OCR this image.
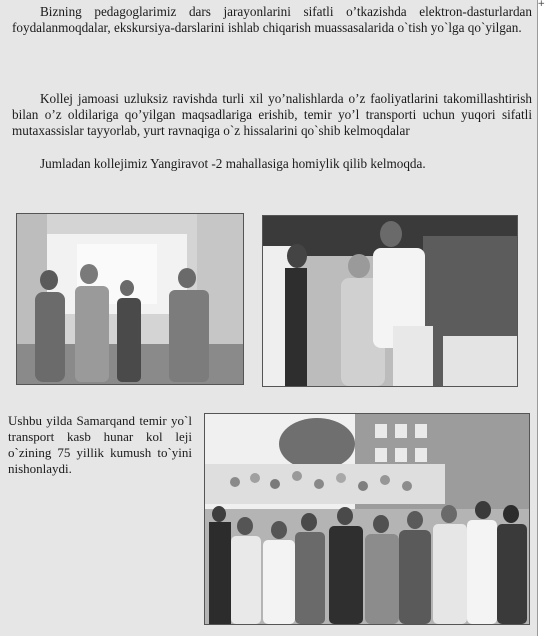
Bizning pedagoglarimiz dars jarayonlarini sifatli o’tkazishda elektron-dasturlardan foydalanmoqdalar, ekskursiya-darslarini ishlab chiqarish muassasalarida o`tish yo`lga qo`yilgan.

Kollej jamoasi uzluksiz ravishda turli xil yo’nalishlarda o’z faoliyatlarini takomillashtirish bilan o’z oldilariga qo’yilgan maqsadlariga erishib, temir yo’l transporti uchun yuqori sifatli mutaxassislar tayyorlab, yurt ravnaqiga o`z hissalarini qo`shib kelmoqdalar

Jumladan kollejimiz Yangiravot -2 mahallasiga homiylik qilib kelmoqda.

Ushbu yilda Samarqand temir yo`l transport kasb hunar kol leji o`zining 75 yillik kumush to`yini nishonlaydi.

+
